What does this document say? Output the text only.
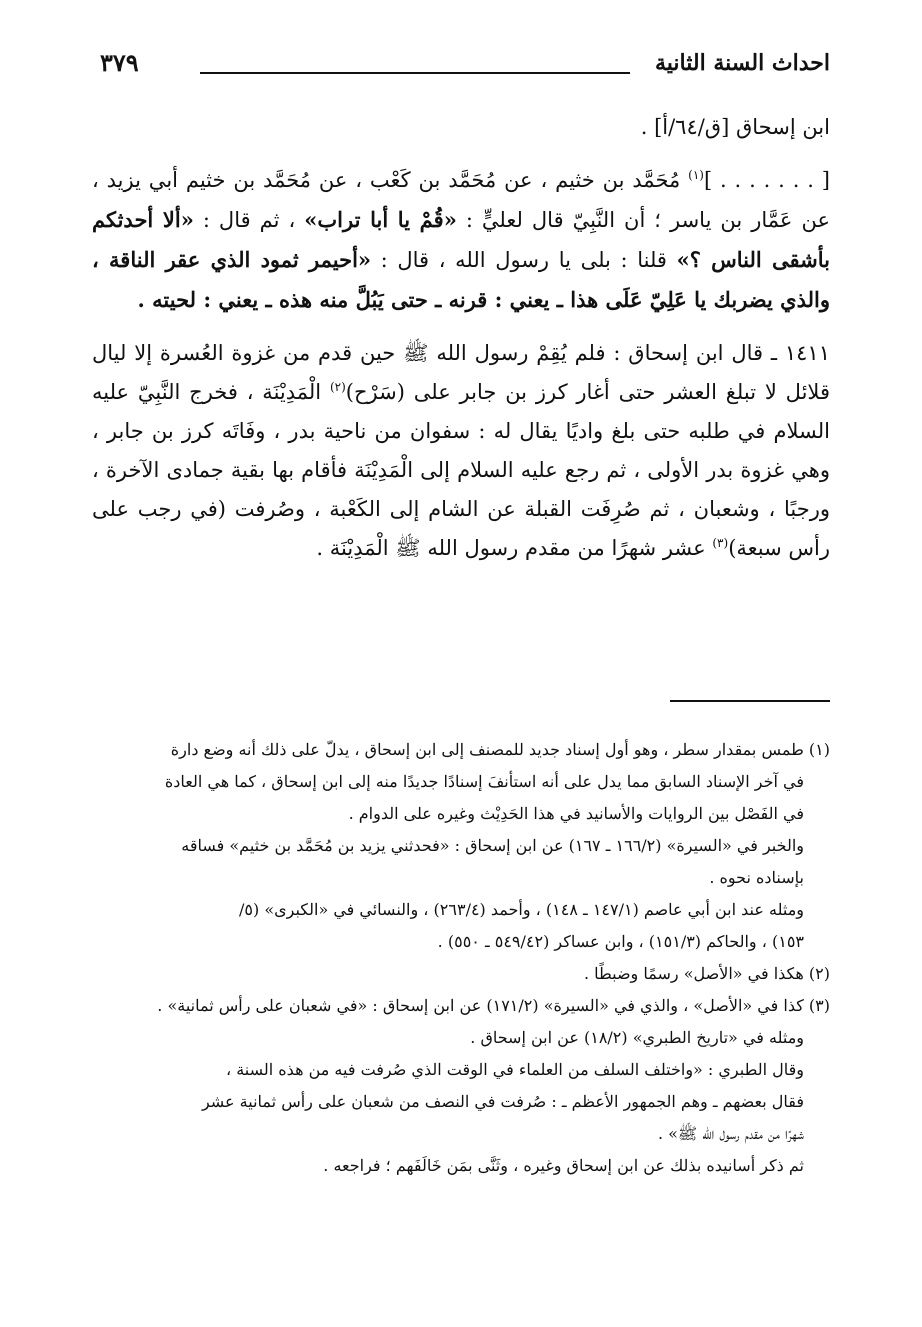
احداث السنة الثانية
٣٧٩

ابن إسحاق [ق/٦٤/أ] .

[ . . . . . . . ]$^{(١)}$ مُحَمَّد بن خثيم ، عن مُحَمَّد بن كَعْب ، عن مُحَمَّد بن خثيم أبي يزيد ، عن عَمَّار بن ياسر ؛ أن النَّبِيّ قال لعليٍّ : «قُمْ يا أبا تراب» ، ثم قال : «ألا أحدثكم بأشقى الناس ؟» قلنا : بلى يا رسول الله ، قال : «أحيمر ثمود الذي عقر الناقة ، والذي يضربك يا عَلِيّ عَلَى هذا ـ يعني : قرنه ـ حتى يَبُلَّ منه هذه ـ يعني : لحيته .

١٤١١ ـ قال ابن إسحاق : فلم يُقِمْ رسول الله ﷺ حين قدم من غزوة العُسرة إلا ليال قلائل لا تبلغ العشر حتى أغار كرز بن جابر على (سَرْح)$^{(٢)}$ الْمَدِيْنَة ، فخرج النَّبِيّ عليه السلام في طلبه حتى بلغ واديًا يقال له : سفوان من ناحية بدر ، وفَاتَه كرز بن جابر ، وهي غزوة بدر الأولى ، ثم رجع عليه السلام إلى الْمَدِيْنَة فأقام بها بقية جمادى الآخرة ، ورجبًا ، وشعبان ، ثم صُرِفَت القبلة عن الشام إلى الكَعْبة ، وصُرفت (في رجب على رأس سبعة)$^{(٣)}$ عشر شهرًا من مقدم رسول الله ﷺ الْمَدِيْنَة .

(١) طمس بمقدار سطر ، وهو أول إسناد جديد للمصنف إلى ابن إسحاق ، يدلّ على ذلك أنه وضع دارة

في آخر الإسناد السابق مما يدل على أنه استأنفَ إسنادًا جديدًا منه إلى ابن إسحاق ، كما هي العادة

في الفَصْل بين الروايات والأسانيد في هذا الحَدِيْث وغيره على الدوام .

والخبر في «السيرة» (١٦٦/٢ ـ ١٦٧) عن ابن إسحاق : «فحدثني يزيد بن مُحَمَّد بن خثيم» فساقه

بإسناده نحوه .

ومثله عند ابن أبي عاصم (١٤٧/١ ـ ١٤٨) ، وأحمد (٢٦٣/٤) ، والنسائي في «الكبرى» (٥/

١٥٣) ، والحاكم (١٥١/٣) ، وابن عساكر (٥٤٩/٤٢ ـ ٥٥٠) .

(٢) هكذا في «الأصل» رسمًا وضبطًا .

(٣) كذا في «الأصل» ، والذي في «السيرة» (١٧١/٢) عن ابن إسحاق : «في شعبان على رأس ثمانية» .

ومثله في «تاريخ الطبري» (١٨/٢) عن ابن إسحاق .

وقال الطبري : «واختلف السلف من العلماء في الوقت الذي صُرفت فيه من هذه السنة ،

فقال بعضهم ـ وهم الجمهور الأعظم ـ : صُرفت في النصف من شعبان على رأس ثمانية عشر

شهرًا من مقدم رسول الله ﷺ» .

ثم ذكر أسانيده بذلك عن ابن إسحاق وغيره ، وثَنَّى بمَن خَالَفَهم ؛ فراجعه .
